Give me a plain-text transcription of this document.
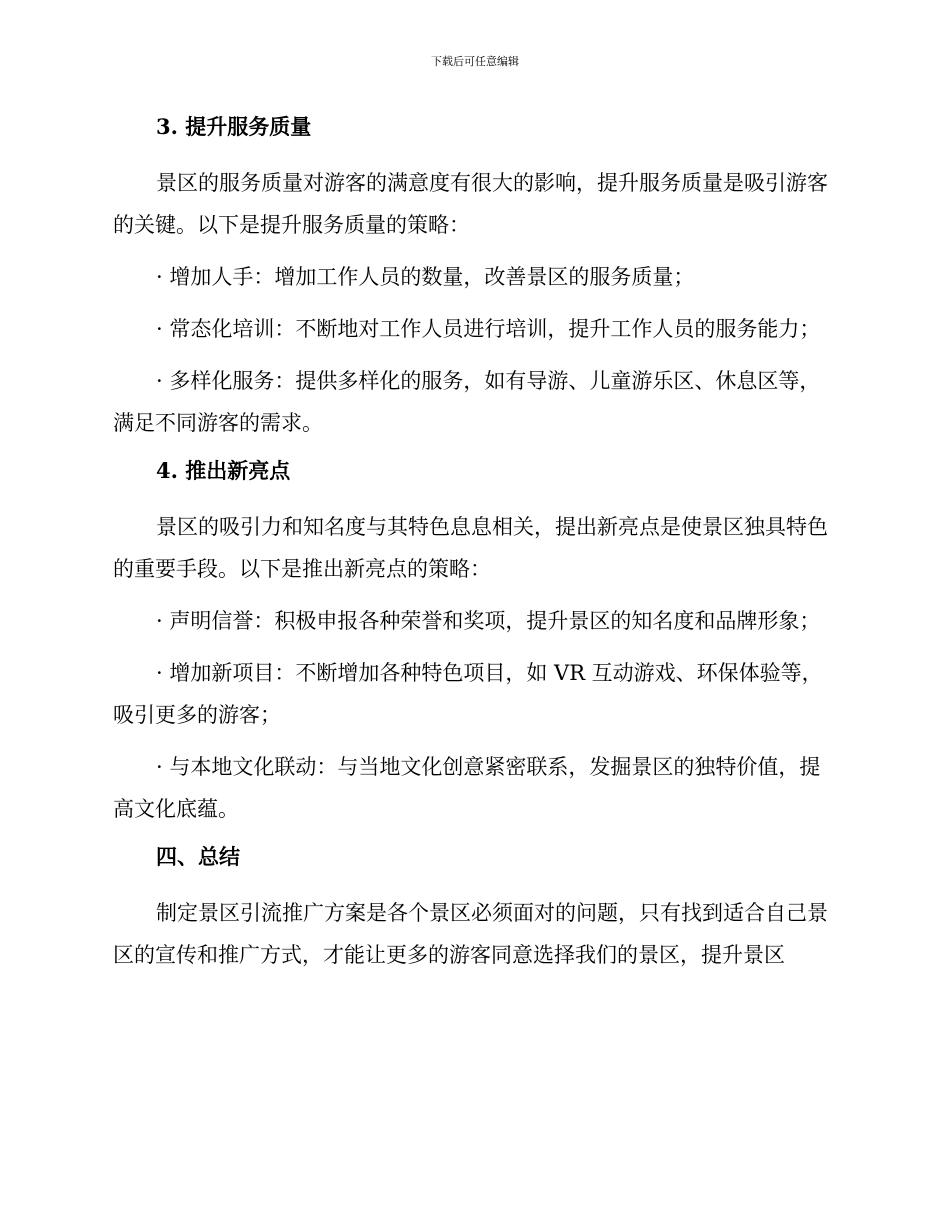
下载后可任意编辑
3. 提升服务质量

景区的服务质量对游客的满意度有很大的影响，提升服务质量是吸引游客的关键。以下是提升服务质量的策略：

· 增加人手：增加工作人员的数量，改善景区的服务质量；

· 常态化培训：不断地对工作人员进行培训，提升工作人员的服务能力；

· 多样化服务：提供多样化的服务，如有导游、儿童游乐区、休息区等，满足不同游客的需求。

4. 推出新亮点

景区的吸引力和知名度与其特色息息相关，提出新亮点是使景区独具特色的重要手段。以下是推出新亮点的策略：

· 声明信誉：积极申报各种荣誉和奖项，提升景区的知名度和品牌形象；

· 增加新项目：不断增加各种特色项目，如 VR 互动游戏、环保体验等，吸引更多的游客；

· 与本地文化联动：与当地文化创意紧密联系，发掘景区的独特价值，提高文化底蕴。

四、总结

制定景区引流推广方案是各个景区必须面对的问题，只有找到适合自己景区的宣传和推广方式，才能让更多的游客同意选择我们的景区，提升景区
